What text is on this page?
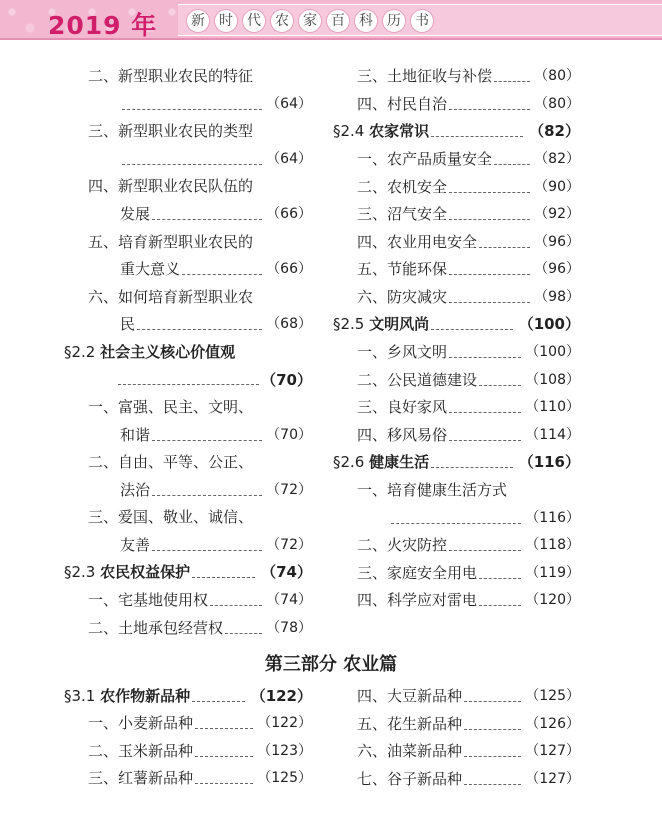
2019 年	新	时	代	农	家	百	科	历	书
二、新型职业农民的特征
（64）
三、新型职业农民的类型
（64）
四、新型职业农民队伍的
发展	（66）
五、培育新型职业农民的
重大意义	（66）
六、如何培育新型职业农
民	（68）
§2.2 社会主义核心价值观
（70）
一、富强、民主、文明、
和谐	（70）
二、自由、平等、公正、
法治	（72）
三、爱国、敬业、诚信、
友善	（72）
§2.3 农民权益保护	（74）
一、宅基地使用权	（74）
二、土地承包经营权	（78）
三、土地征收与补偿	（80）
四、村民自治	（80）
§2.4 农家常识	（82）
一、农产品质量安全	（82）
二、农机安全	（90）
三、沼气安全	（92）
四、农业用电安全	（96）
五、节能环保	（96）
六、防灾减灾	（98）
§2.5 文明风尚	（100）
一、乡风文明	（100）
二、公民道德建设	（108）
三、良好家风	（110）
四、移风易俗	（114）
§2.6 健康生活	（116）
一、培育健康生活方式
（116）
二、火灾防控	（118）
三、家庭安全用电	（119）
四、科学应对雷电	（120）
§3.1 农作物新品种	（122）
一、小麦新品种	（122）
二、玉米新品种	（123）
三、红薯新品种	（125）
四、大豆新品种	（125）
五、花生新品种	（126）
六、油菜新品种	（127）
七、谷子新品种	（127）
第三部分 农业篇
